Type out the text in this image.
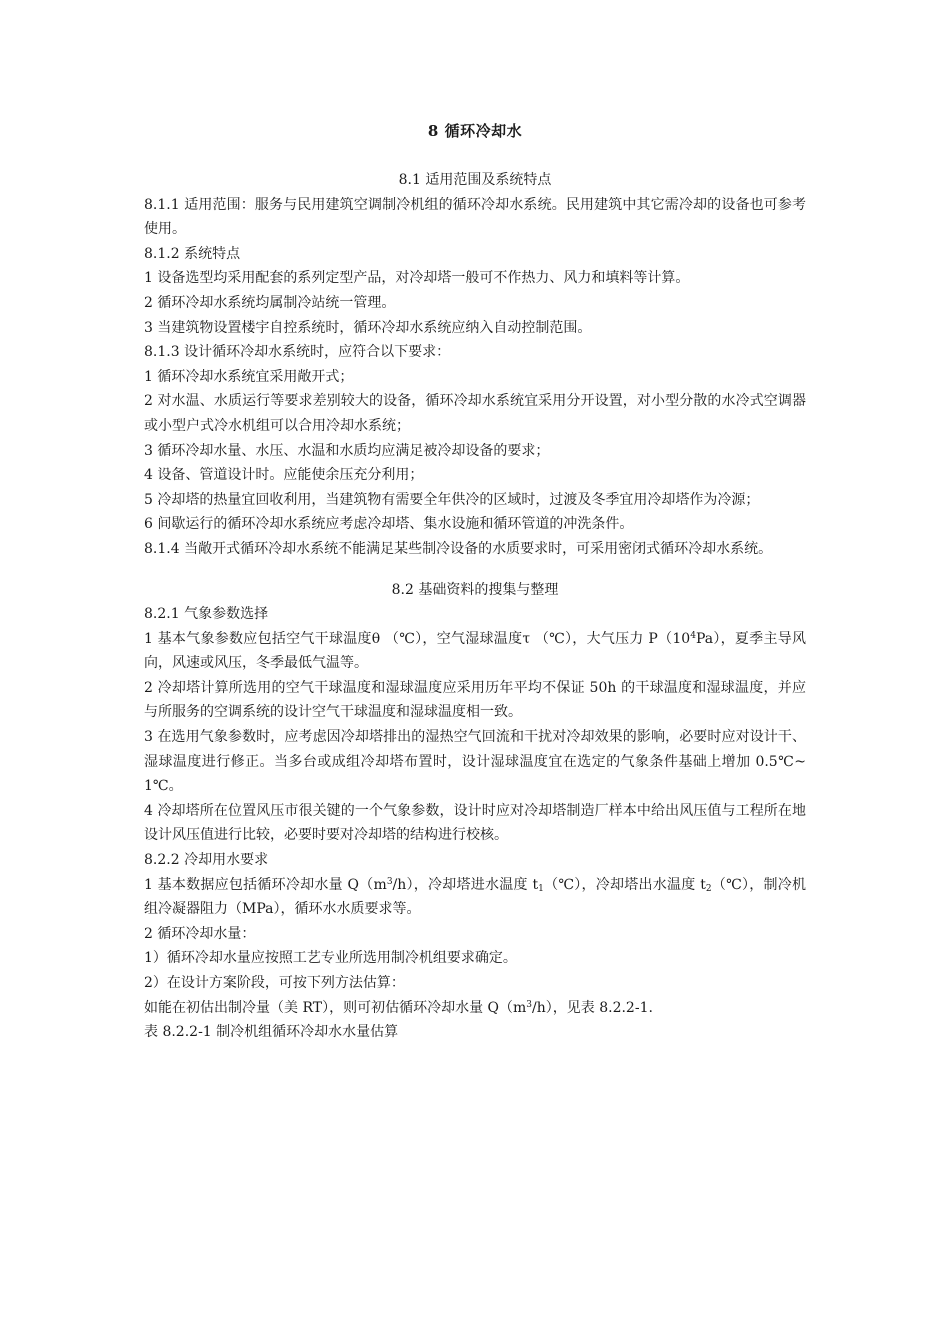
8 循环冷却水
8.1 适用范围及系统特点

8.1.1 适用范围：服务与民用建筑空调制冷机组的循环冷却水系统。民用建筑中其它需冷却的设备也可参考使用。

8.1.2 系统特点

1 设备选型均采用配套的系列定型产品，对冷却塔一般可不作热力、风力和填料等计算。

2 循环冷却水系统均属制冷站统一管理。

3 当建筑物设置楼宇自控系统时，循环冷却水系统应纳入自动控制范围。

8.1.3 设计循环冷却水系统时，应符合以下要求：

1 循环冷却水系统宜采用敞开式；

2 对水温、水质运行等要求差别较大的设备，循环冷却水系统宜采用分开设置，对小型分散的水冷式空调器或小型户式冷水机组可以合用冷却水系统；

3 循环冷却水量、水压、水温和水质均应满足被冷却设备的要求；

4 设备、管道设计时。应能使余压充分利用；

5 冷却塔的热量宜回收利用，当建筑物有需要全年供冷的区域时，过渡及冬季宜用冷却塔作为冷源；

6 间歇运行的循环冷却水系统应考虑冷却塔、集水设施和循环管道的冲洗条件。

8.1.4 当敞开式循环冷却水系统不能满足某些制冷设备的水质要求时，可采用密闭式循环冷却水系统。

8.2 基础资料的搜集与整理

8.2.1 气象参数选择

1 基本气象参数应包括空气干球温度θ （℃），空气湿球温度τ （℃），大气压力 $P(10^4Pa)$，夏季主导风向，风速或风压，冬季最低气温等。

2 冷却塔计算所选用的空气干球温度和湿球温度应采用历年平均不保证 50h 的干球温度和湿球温度，并应与所服务的空调系统的设计空气干球温度和湿球温度相一致。

3 在选用气象参数时，应考虑因冷却塔排出的湿热空气回流和干扰对冷却效果的影响，必要时应对设计干、湿球温度进行修正。当多台或成组冷却塔布置时，设计湿球温度宜在选定的气象条件基础上增加 0.5℃~1℃。

4 冷却塔所在位置风压市很关键的一个气象参数，设计时应对冷却塔制造厂样本中给出风压值与工程所在地设计风压值进行比较，必要时要对冷却塔的结构进行校核。

8.2.2 冷却用水要求

1 基本数据应包括循环冷却水量 $Q(m^3/h)$，冷却塔进水温度 $t_1(℃)$，冷却塔出水温度 $t_2(℃)$，制冷机组冷凝器阻力（MPa），循环水水质要求等。

2 循环冷却水量：

1）循环冷却水量应按照工艺专业所选用制冷机组要求确定。

2）在设计方案阶段，可按下列方法估算：

如能在初估出制冷量（美 RT），则可初估循环冷却水量 $Q(m^3/h)$，见表 8.2.2-1.

表 8.2.2-1 制冷机组循环冷却水水量估算
